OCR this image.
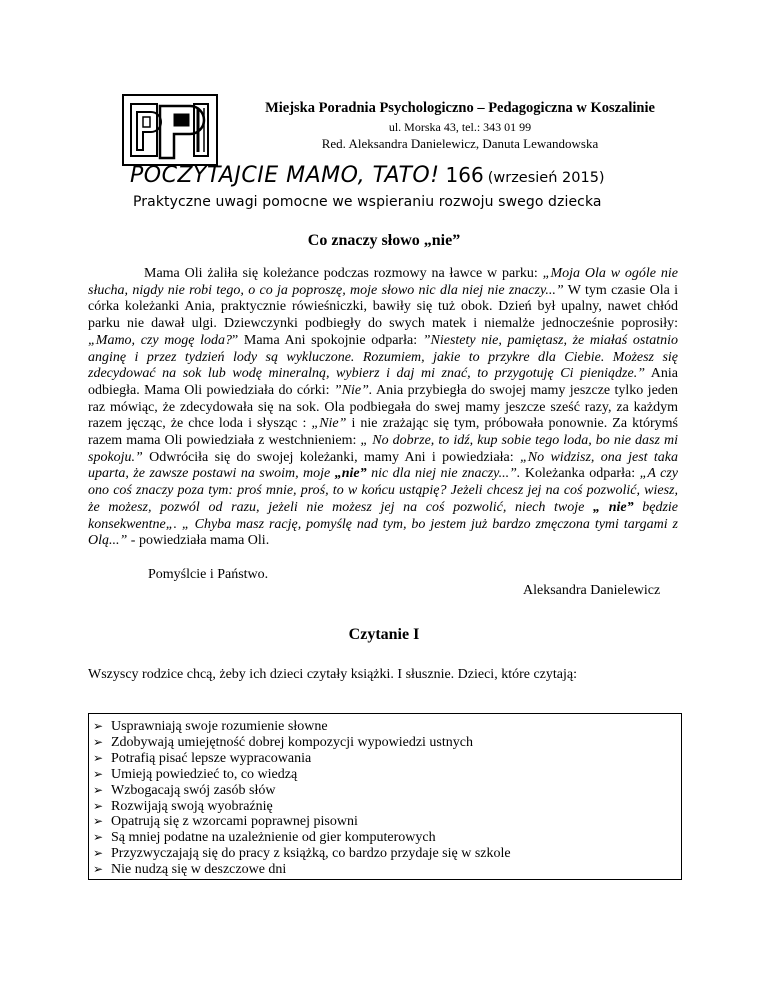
Miejska Poradnia Psychologiczno – Pedagogiczna w Koszalinie
ul. Morska 43, tel.: 343 01 99
Red. Aleksandra Danielewicz, Danuta Lewandowska
POCZYTAJCIE MAMO, TATO! 166 (wrzesień 2015)
Praktyczne uwagi pomocne we wspieraniu rozwoju swego dziecka
Co znaczy słowo „nie”

Mama Oli żaliła się koleżance podczas rozmowy na ławce w parku: „Moja Ola w ogóle nie słucha, nigdy nie robi tego, o co ja poproszę, moje słowo nic dla niej nie znaczy...” W tym czasie Ola i córka koleżanki Ania, praktycznie rówieśniczki, bawiły się tuż obok. Dzień był upalny, nawet chłód parku nie dawał ulgi. Dziewczynki podbiegły do swych matek i niemalże jednocześnie poprosiły: „Mamo, czy mogę loda?” Mama Ani spokojnie odparła: ”Niestety nie, pamiętasz, że miałaś ostatnio anginę i przez tydzień lody są wykluczone. Rozumiem, jakie to przykre dla Ciebie. Możesz się zdecydować na sok lub wodę mineralną, wybierz i daj mi znać, to przygotuję Ci pieniądze.” Ania odbiegła. Mama Oli powiedziała do córki: ”Nie”. Ania przybiegła do swojej mamy jeszcze tylko jeden raz mówiąc, że zdecydowała się na sok. Ola podbiegała do swej mamy jeszcze sześć razy, za każdym razem jęcząc, że chce loda i słysząc : „Nie” i nie zrażając się tym, próbowała ponownie. Za którymś razem mama Oli powiedziała z westchnieniem: „ No dobrze, to idź, kup sobie tego loda, bo nie dasz mi spokoju.” Odwróciła się do swojej koleżanki, mamy Ani i powiedziała: „No widzisz, ona jest taka uparta, że zawsze postawi na swoim, moje „nie” nic dla niej nie znaczy...”. Koleżanka odparła: „A czy ono coś znaczy poza tym: proś mnie, proś, to w końcu ustąpię? Jeżeli chcesz jej na coś pozwolić, wiesz, że możesz, pozwól od razu, jeżeli nie możesz jej na coś pozwolić, niech twoje „ nie” będzie konsekwentne„. „ Chyba masz rację, pomyślę nad tym, bo jestem już bardzo zmęczona tymi targami z Olą...” - powiedziała mama Oli.

Pomyślcie i Państwo.
Aleksandra Danielewicz
Czytanie I
Wszyscy rodzice chcą, żeby ich dzieci czytały książki. I słusznie. Dzieci, które czytają:
➢ Usprawniają swoje rozumienie słowne
➢ Zdobywają umiejętność dobrej kompozycji wypowiedzi ustnych
➢ Potrafią pisać lepsze wypracowania
➢ Umieją powiedzieć to, co wiedzą
➢ Wzbogacają swój zasób słów
➢ Rozwijają swoją wyobraźnię
➢ Opatrują się z wzorcami poprawnej pisowni
➢ Są mniej podatne na uzależnienie od gier komputerowych
➢ Przyzwyczajają się do pracy z książką, co bardzo przydaje się w szkole
➢ Nie nudzą się w deszczowe dni
